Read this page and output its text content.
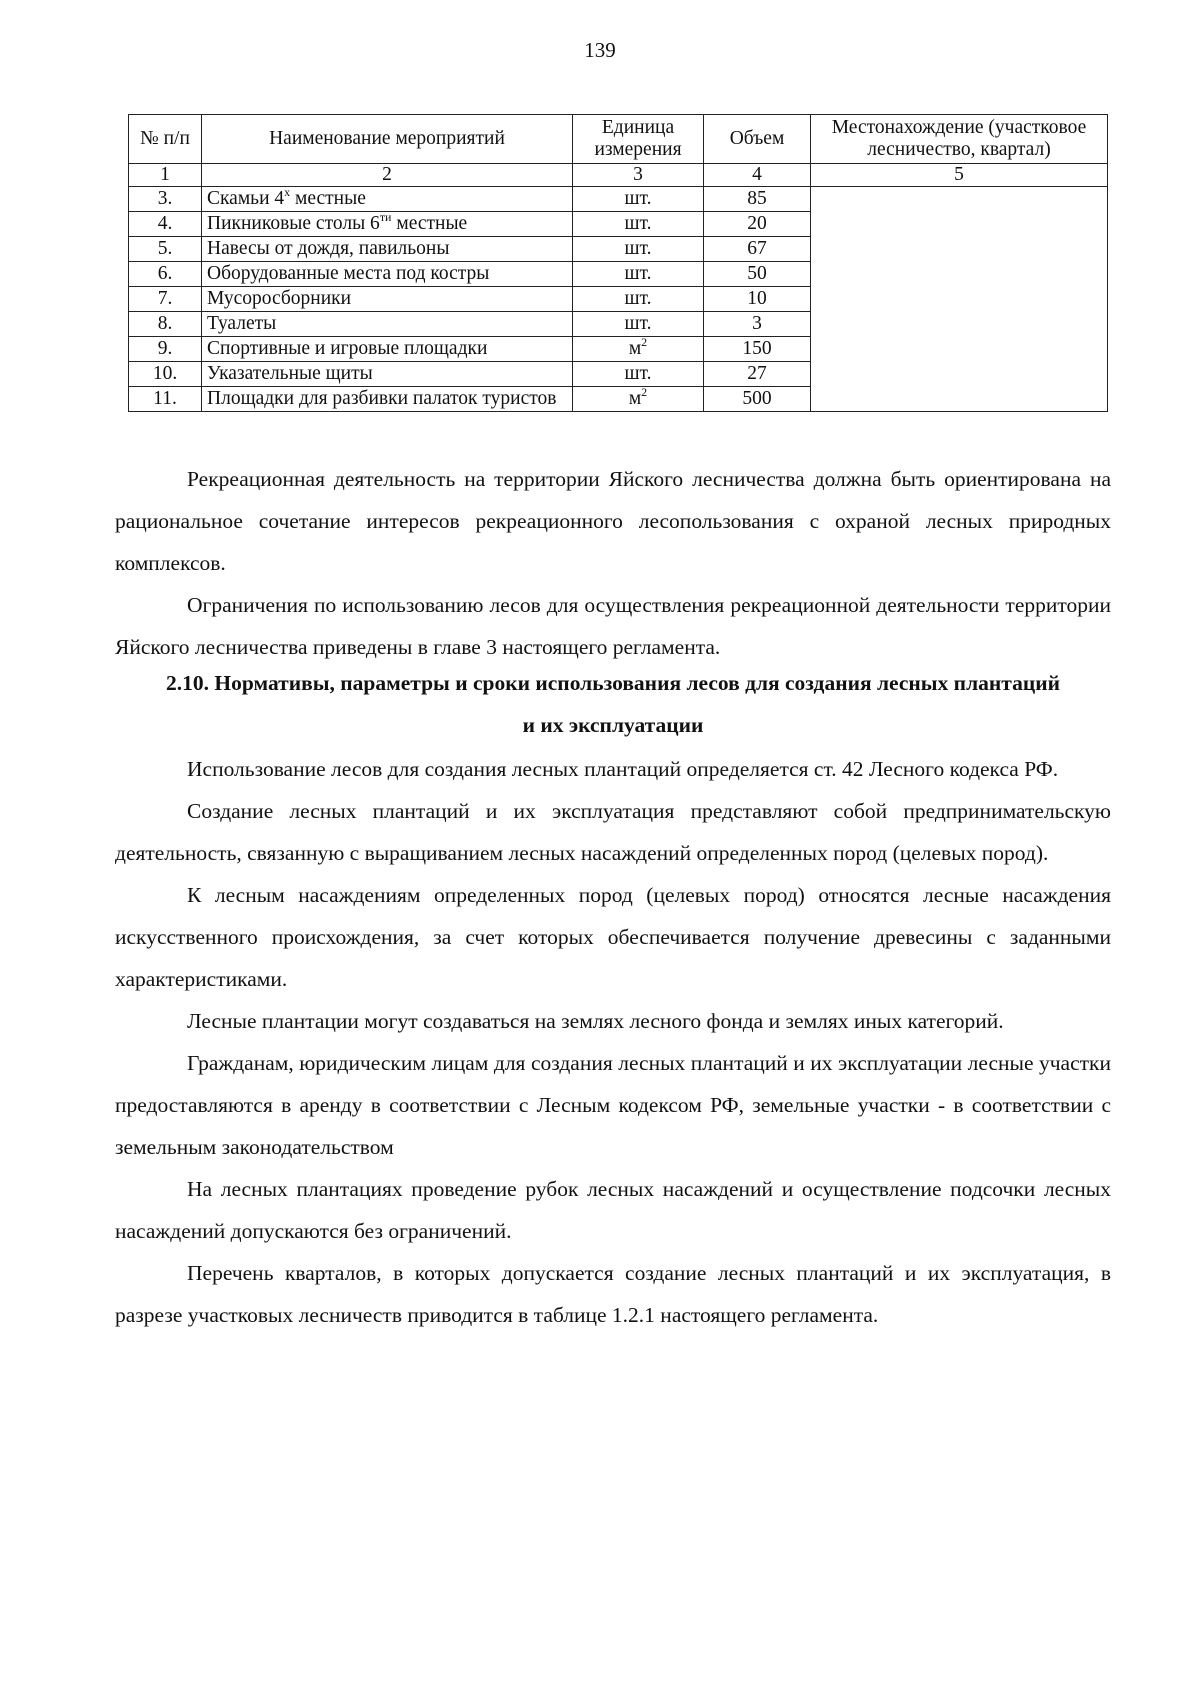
139
№ п/п	Наименование мероприятий	Единица измерения	Объем	Местонахождение (участковое лесничество, квартал)
1	2	3	4	5
3.	Скамьи $4^х$ местные	шт.	85	
4.	Пикниковые столы $6^{ти}$ местные	шт.	20	
5.	Навесы от дождя, павильоны	шт.	67	
6.	Оборудованные места под костры	шт.	50	
7.	Мусоросборники	шт.	10	
8.	Туалеты	шт.	3	
9.	Спортивные и игровые площадки	$м^2$	150	
10.	Указательные щиты	шт.	27	
11.	Площадки для разбивки палаток туристов	$м^2$	500	

Рекреационная деятельность на территории Яйского лесничества должна быть ориентирована на рациональное сочетание интересов рекреационного лесопользования с охраной лесных природных комплексов.

Ограничения по использованию лесов для осуществления рекреационной деятельности территории Яйского лесничества приведены в главе 3 настоящего регламента.

2.10. Нормативы, параметры и сроки использования лесов для создания лесных плантаций и их эксплуатации

Использование лесов для создания лесных плантаций определяется ст. 42 Лесного кодекса РФ.

Создание лесных плантаций и их эксплуатация представляют собой предпринимательскую деятельность, связанную с выращиванием лесных насаждений определенных пород (целевых пород).

К лесным насаждениям определенных пород (целевых пород) относятся лесные насаждения искусственного происхождения, за счет которых обеспечивается получение древесины с заданными характеристиками.

Лесные плантации могут создаваться на землях лесного фонда и землях иных категорий.

Гражданам, юридическим лицам для создания лесных плантаций и их эксплуатации лесные участки предоставляются в аренду в соответствии с Лесным кодексом РФ, земельные участки - в соответствии с земельным законодательством

На лесных плантациях проведение рубок лесных насаждений и осуществление подсочки лесных насаждений допускаются без ограничений.

Перечень кварталов, в которых допускается создание лесных плантаций и их эксплуатация, в разрезе участковых лесничеств приводится в таблице 1.2.1 настоящего регламента.
